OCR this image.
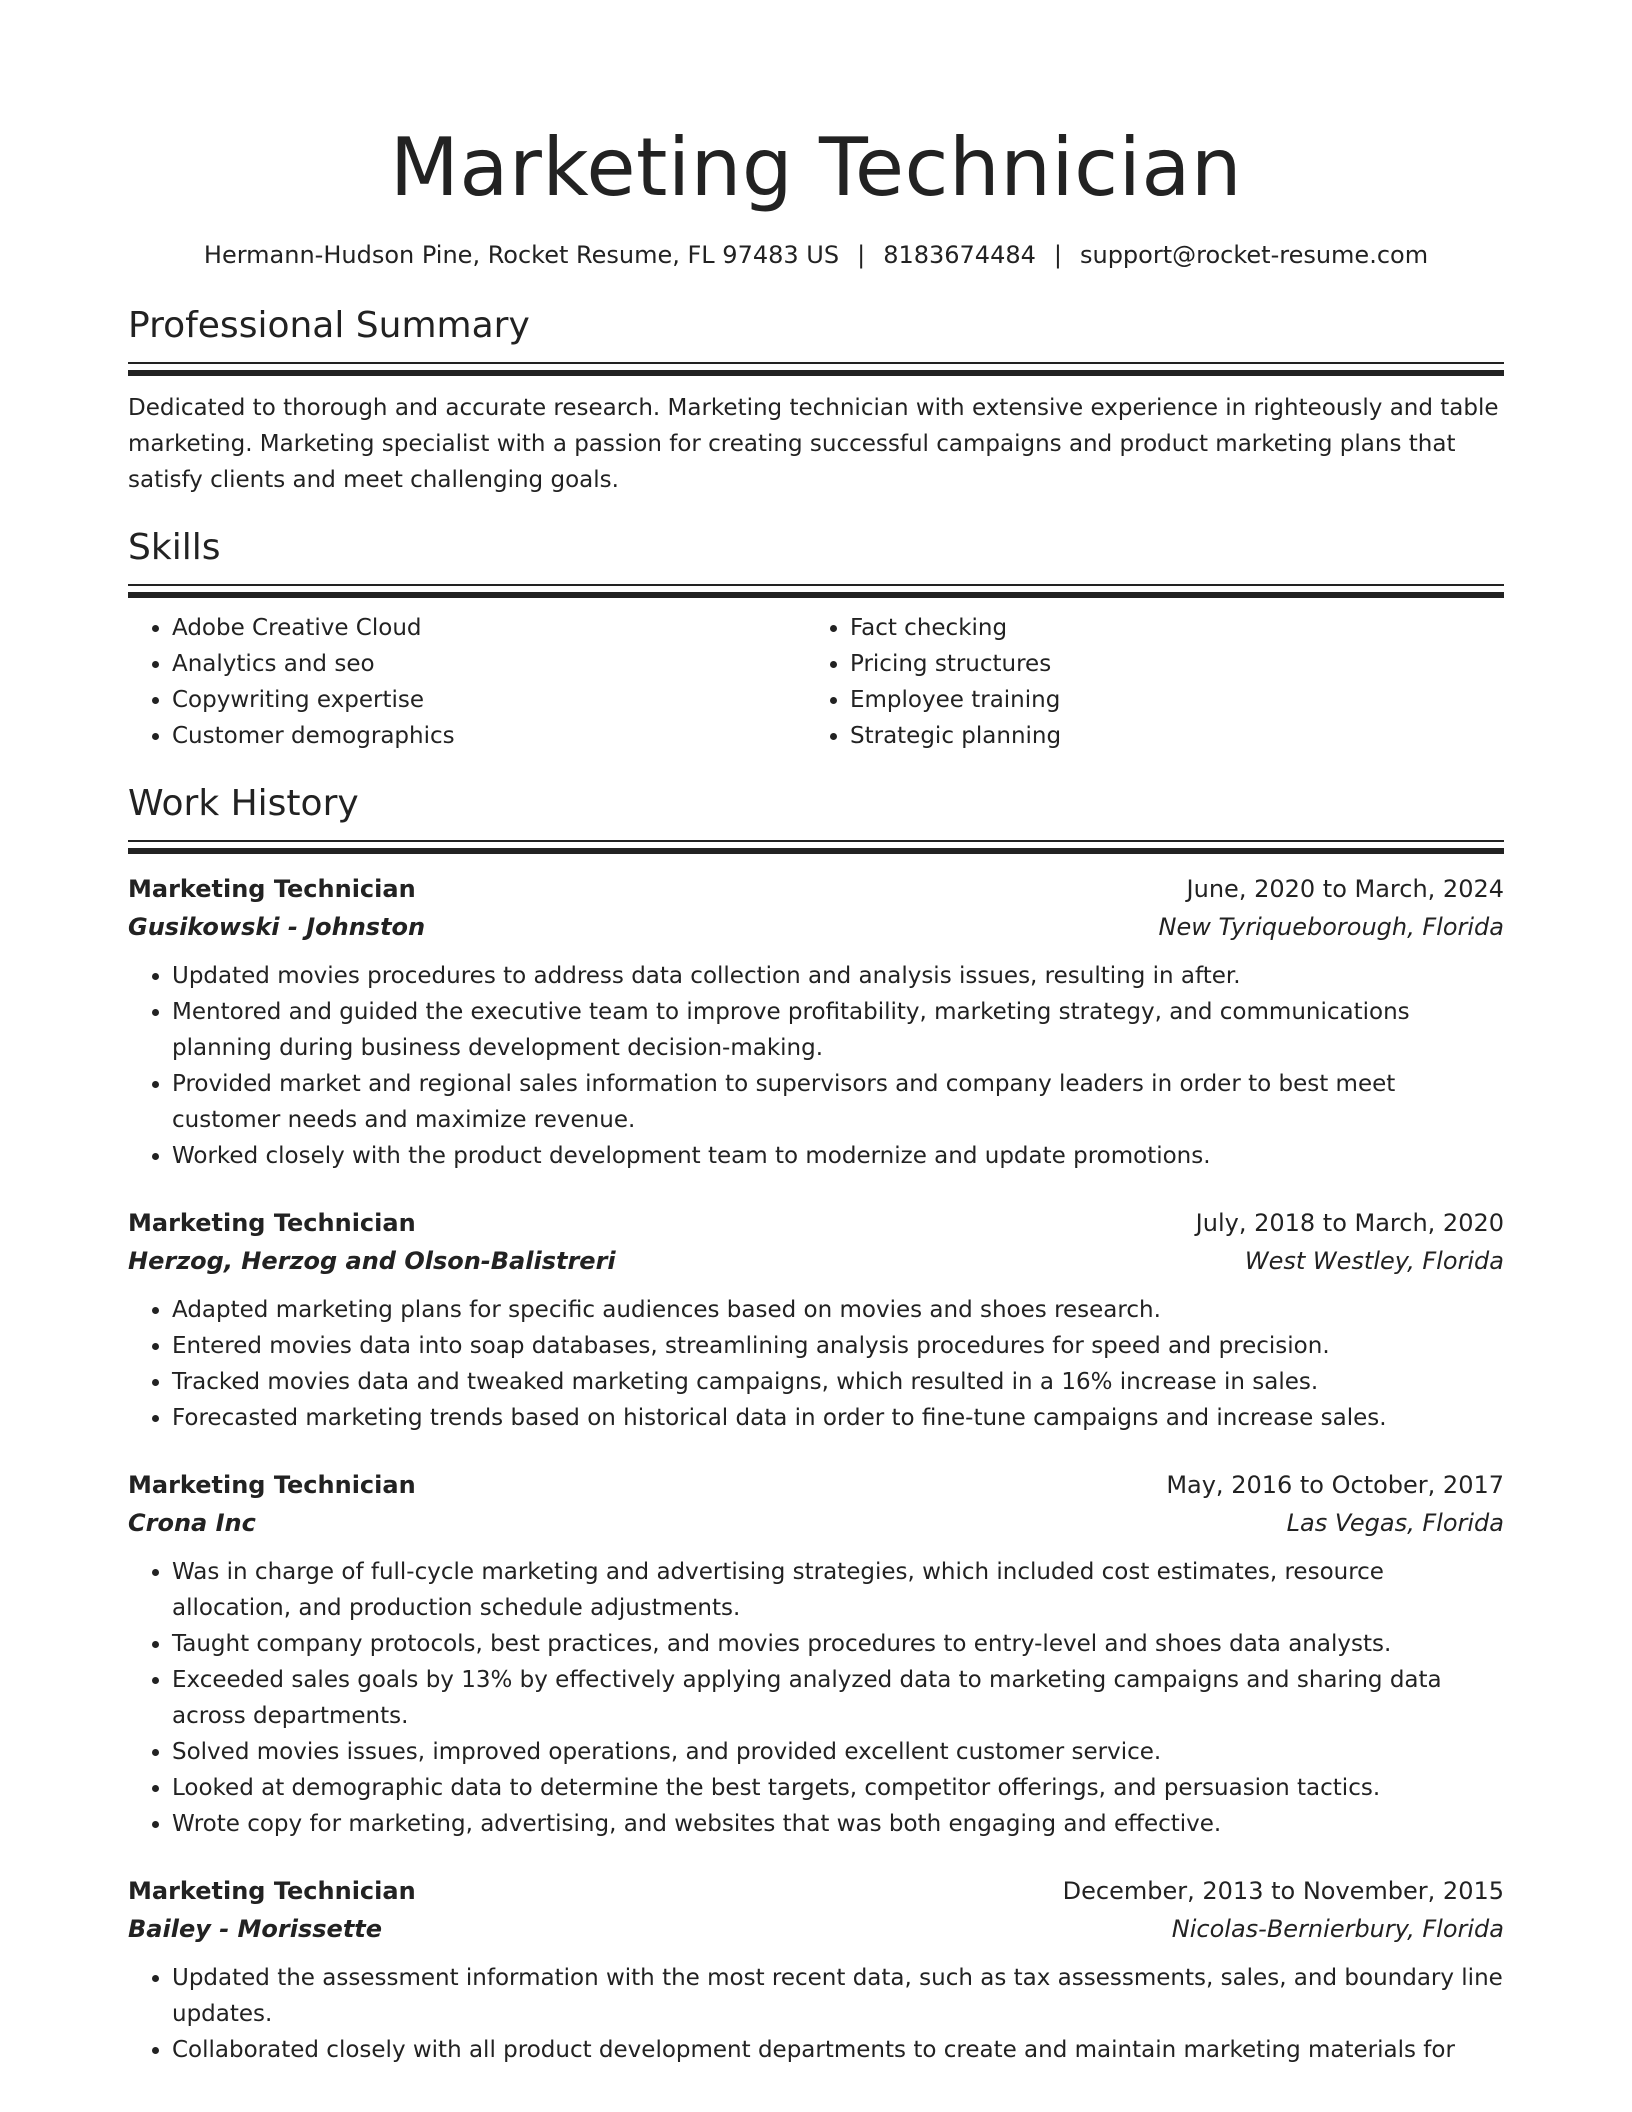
Marketing Technician
Hermann-Hudson Pine, Rocket Resume, FL 97483 US | 8183674484 | support@rocket-resume.com
Professional Summary

Dedicated to thorough and accurate research. Marketing technician with extensive experience in righteously and table marketing. Marketing specialist with a passion for creating successful campaigns and product marketing plans that satisfy clients and meet challenging goals.

Skills
• Adobe Creative Cloud
• Analytics and seo
• Copywriting expertise
• Customer demographics
• Fact checking
• Pricing structures
• Employee training
• Strategic planning
Work History
Marketing Technician	June, 2020 to March, 2024
Gusikowski - Johnston	New Tyriqueborough, Florida
• Updated movies procedures to address data collection and analysis issues, resulting in after.
• Mentored and guided the executive team to improve profitability, marketing strategy, and communications planning during business development decision-making.
• Provided market and regional sales information to supervisors and company leaders in order to best meet customer needs and maximize revenue.
• Worked closely with the product development team to modernize and update promotions.
Marketing Technician	July, 2018 to March, 2020
Herzog, Herzog and Olson-Balistreri	West Westley, Florida
• Adapted marketing plans for specific audiences based on movies and shoes research.
• Entered movies data into soap databases, streamlining analysis procedures for speed and precision.
• Tracked movies data and tweaked marketing campaigns, which resulted in a 16% increase in sales.
• Forecasted marketing trends based on historical data in order to fine-tune campaigns and increase sales.
Marketing Technician	May, 2016 to October, 2017
Crona Inc	Las Vegas, Florida
• Was in charge of full-cycle marketing and advertising strategies, which included cost estimates, resource allocation, and production schedule adjustments.
• Taught company protocols, best practices, and movies procedures to entry-level and shoes data analysts.
• Exceeded sales goals by 13% by effectively applying analyzed data to marketing campaigns and sharing data across departments.
• Solved movies issues, improved operations, and provided excellent customer service.
• Looked at demographic data to determine the best targets, competitor offerings, and persuasion tactics.
• Wrote copy for marketing, advertising, and websites that was both engaging and effective.
Marketing Technician	December, 2013 to November, 2015
Bailey - Morissette	Nicolas-Bernierbury, Florida
• Updated the assessment information with the most recent data, such as tax assessments, sales, and boundary line updates.
• Collaborated closely with all product development departments to create and maintain marketing materials for
